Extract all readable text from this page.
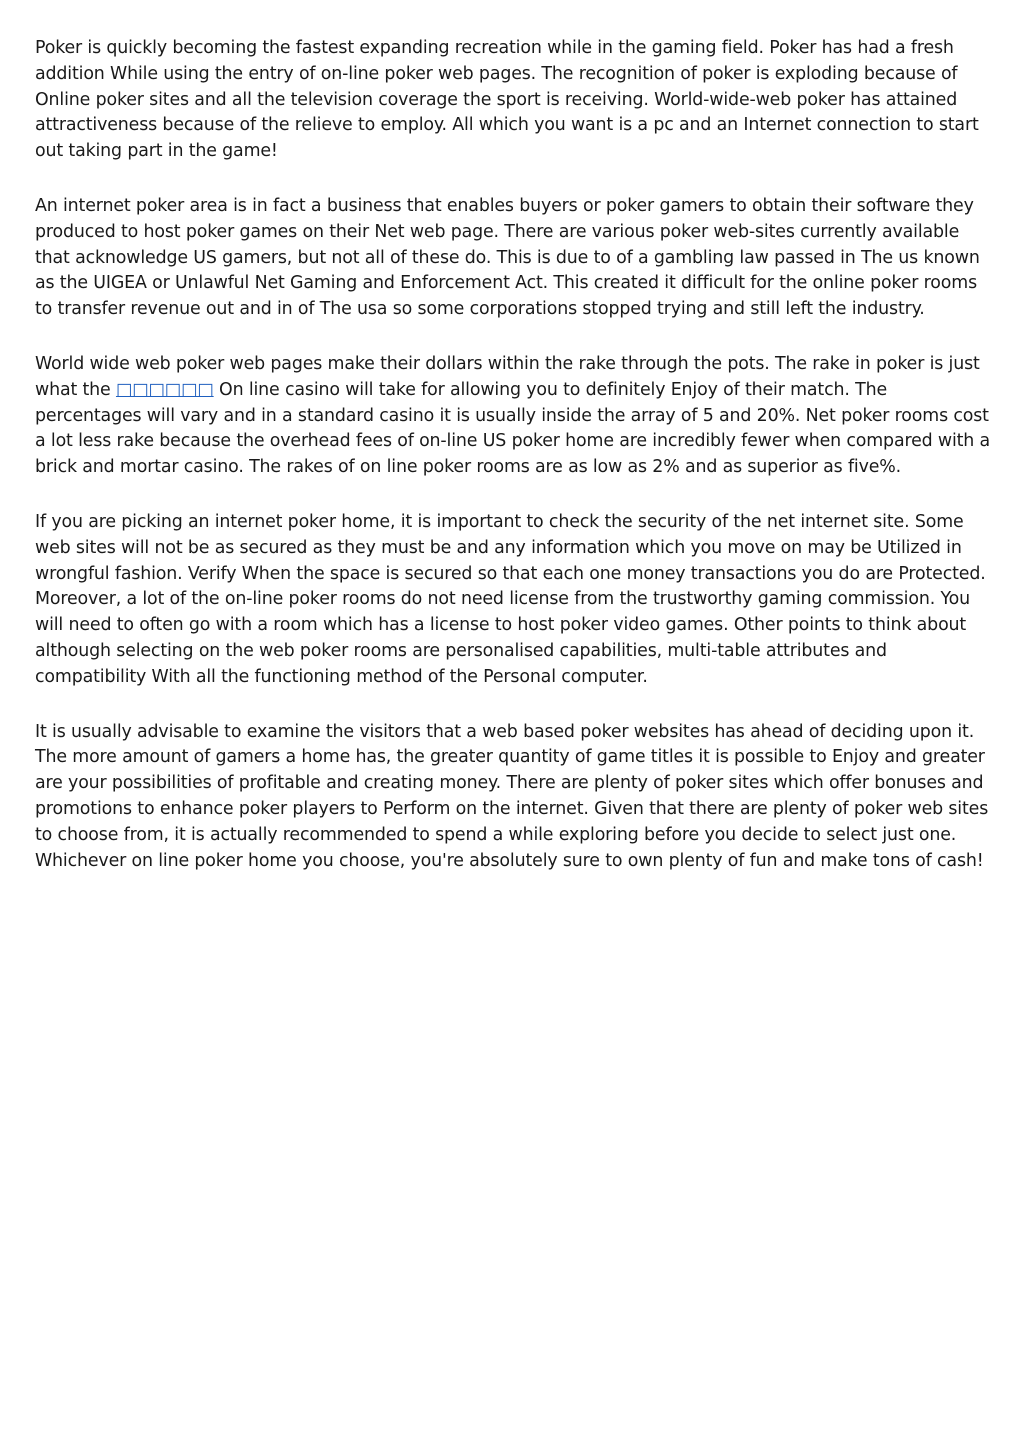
Poker is quickly becoming the fastest expanding recreation while in the gaming field. Poker has had a fresh addition While using the entry of on-line poker web pages. The recognition of poker is exploding because of Online poker sites and all the television coverage the sport is receiving. World-wide-web poker has attained attractiveness because of the relieve to employ. All which you want is a pc and an Internet connection to start out taking part in the game!

An internet poker area is in fact a business that enables buyers or poker gamers to obtain their software they produced to host poker games on their Net web page. There are various poker web-sites currently available that acknowledge US gamers, but not all of these do. This is due to of a gambling law passed in The us known as the UIGEA or Unlawful Net Gaming and Enforcement Act. This created it difficult for the online poker rooms to transfer revenue out and in of The usa so some corporations stopped trying and still left the industry.

World wide web poker web pages make their dollars within the rake through the pots. The rake in poker is just what the □□□□□□ On line casino will take for allowing you to definitely Enjoy of their match. The percentages will vary and in a standard casino it is usually inside the array of 5 and 20%. Net poker rooms cost a lot less rake because the overhead fees of on-line US poker home are incredibly fewer when compared with a brick and mortar casino. The rakes of on line poker rooms are as low as 2% and as superior as five%.

If you are picking an internet poker home, it is important to check the security of the net internet site. Some web sites will not be as secured as they must be and any information which you move on may be Utilized in wrongful fashion. Verify When the space is secured so that each one money transactions you do are Protected. Moreover, a lot of the on-line poker rooms do not need license from the trustworthy gaming commission. You will need to often go with a room which has a license to host poker video games. Other points to think about although selecting on the web poker rooms are personalised capabilities, multi-table attributes and compatibility With all the functioning method of the Personal computer.

It is usually advisable to examine the visitors that a web based poker websites has ahead of deciding upon it. The more amount of gamers a home has, the greater quantity of game titles it is possible to Enjoy and greater are your possibilities of profitable and creating money. There are plenty of poker sites which offer bonuses and promotions to enhance poker players to Perform on the internet. Given that there are plenty of poker web sites to choose from, it is actually recommended to spend a while exploring before you decide to select just one. Whichever on line poker home you choose, you're absolutely sure to own plenty of fun and make tons of cash!
